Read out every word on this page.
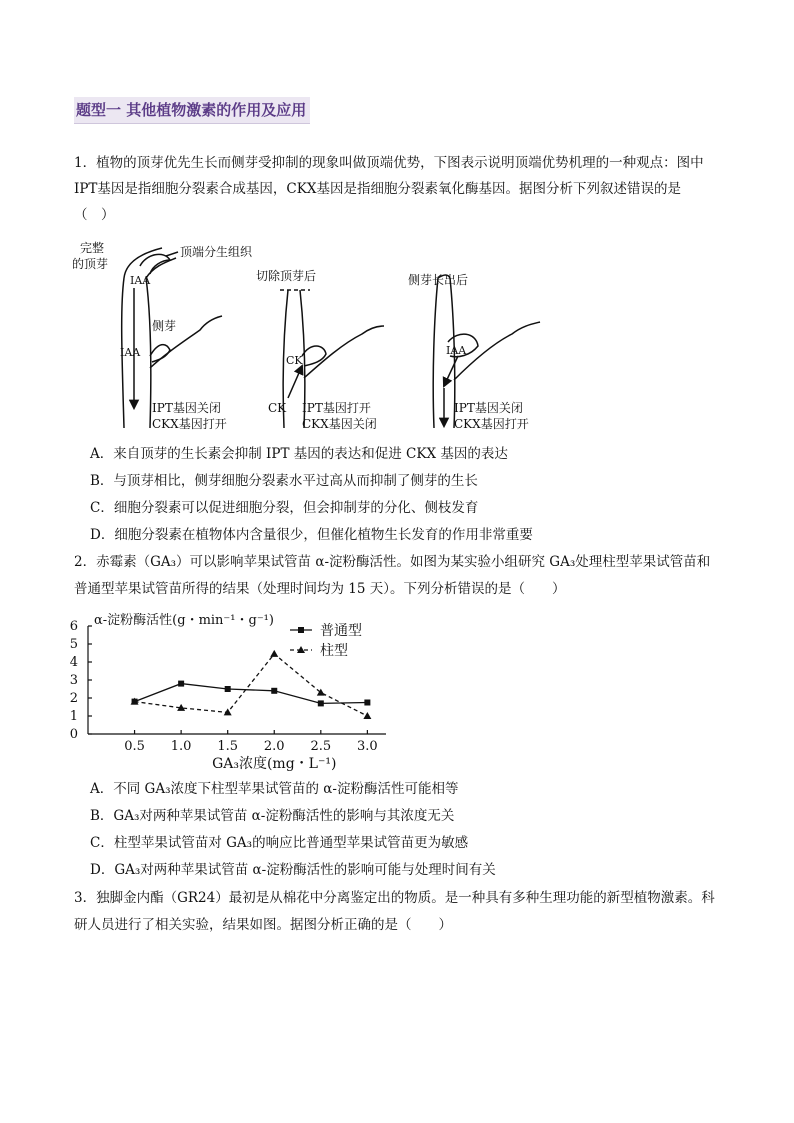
题型一 其他植物激素的作用及应用
1．植物的顶芽优先生长而侧芽受抑制的现象叫做顶端优势，下图表示说明顶端优势机理的一种观点：图中
IPT基因是指细胞分裂素合成基因，CKX基因是指细胞分裂素氧化酶基因。据图分析下列叙述错误的是
（　）
完整
的顶芽
顶端分生组织
IAA
IAA
侧芽
IPT基因关闭
CKX基因打开
切除顶芽后
CK
CK IPT基因打开
CKX基因关闭
侧芽长出后
IAA
IPT基因关闭
CKX基因打开
A．来自顶芽的生长素会抑制 IPT 基因的表达和促进 CKX 基因的表达
B．与顶芽相比，侧芽细胞分裂素水平过高从而抑制了侧芽的生长
C．细胞分裂素可以促进细胞分裂，但会抑制芽的分化、侧枝发育
D．细胞分裂素在植物体内含量很少，但催化植物生长发育的作用非常重要
2．赤霉素（GA₃）可以影响苹果试管苗 α-淀粉酶活性。如图为某实验小组研究 GA₃处理柱型苹果试管苗和
普通型苹果试管苗所得的结果（处理时间均为 15 天）。下列分析错误的是（　　）
0
1
2
3
4
5
6
0.5 1.0 1.5 2.0 2.5 3.0
α-淀粉酶活性(g・min⁻¹・g⁻¹)
GA₃浓度(mg・L⁻¹)
普通型
柱型
A．不同 GA₃浓度下柱型苹果试管苗的 α-淀粉酶活性可能相等
B．GA₃对两种苹果试管苗 α-淀粉酶活性的影响与其浓度无关
C．柱型苹果试管苗对 GA₃的响应比普通型苹果试管苗更为敏感
D．GA₃对两种苹果试管苗 α-淀粉酶活性的影响可能与处理时间有关
3．独脚金内酯（GR24）最初是从棉花中分离鉴定出的物质。是一种具有多种生理功能的新型植物激素。科
研人员进行了相关实验，结果如图。据图分析正确的是（　　）
